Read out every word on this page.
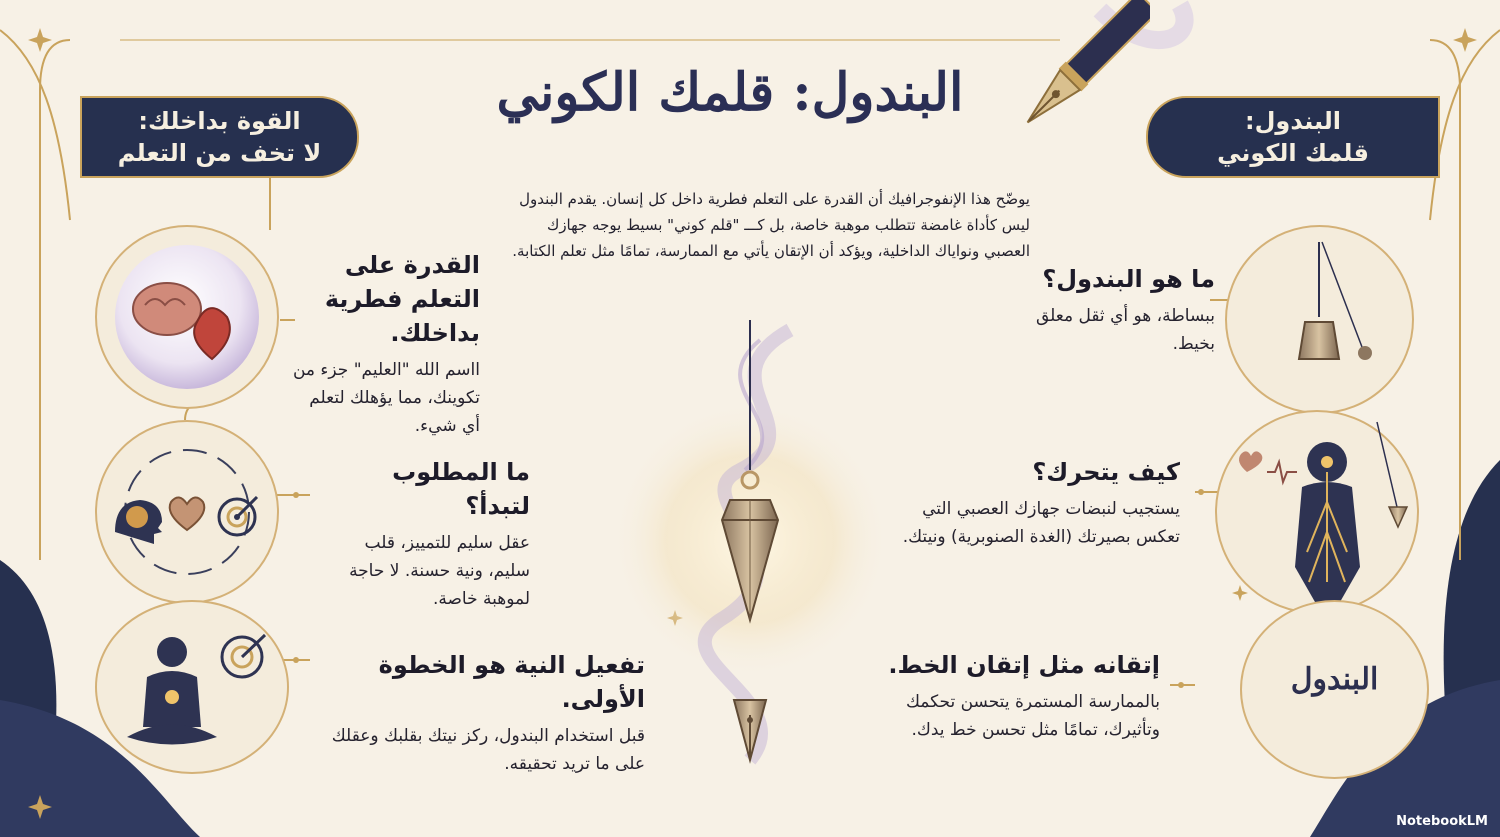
البندول: قلمك الكوني
القوة بداخلك:
لا تخف من التعلم
البندول:
قلمك الكوني
يوضّح هذا الإنفوجرافيك أن القدرة على التعلم فطرية داخل كل إنسان. يقدم البندول ليس كأداة غامضة تتطلب موهبة خاصة، بل كـــ "قلم كوني" بسيط يوجه جهازك العصبي ونواياك الداخلية، ويؤكد أن الإتقان يأتي مع الممارسة، تمامًا مثل تعلم الكتابة.
القدرة على التعلم فطرية بداخلك.
ااسم الله "العليم" جزء من تكوينك، مما يؤهلك لتعلم أي شيء.
ما المطلوب لتبدأ؟
عقل سليم للتمييز، قلب سليم، ونية حسنة. لا حاجة لموهبة خاصة.
تفعيل النية هو الخطوة الأولى.
قبل استخدام البندول، ركز نيتك بقلبك وعقلك على ما تريد تحقيقه.
البندول
ما هو البندول؟
ببساطة، هو أي ثقل معلق بخيط.
كيف يتحرك؟
يستجيب لنبضات جهازك العصبي التي تعكس بصيرتك (الغدة الصنوبرية) ونيتك.
إتقانه مثل إتقان الخط.
بالممارسة المستمرة يتحسن تحكمك وتأثيرك، تمامًا مثل تحسن خط يدك.
NotebookLM
